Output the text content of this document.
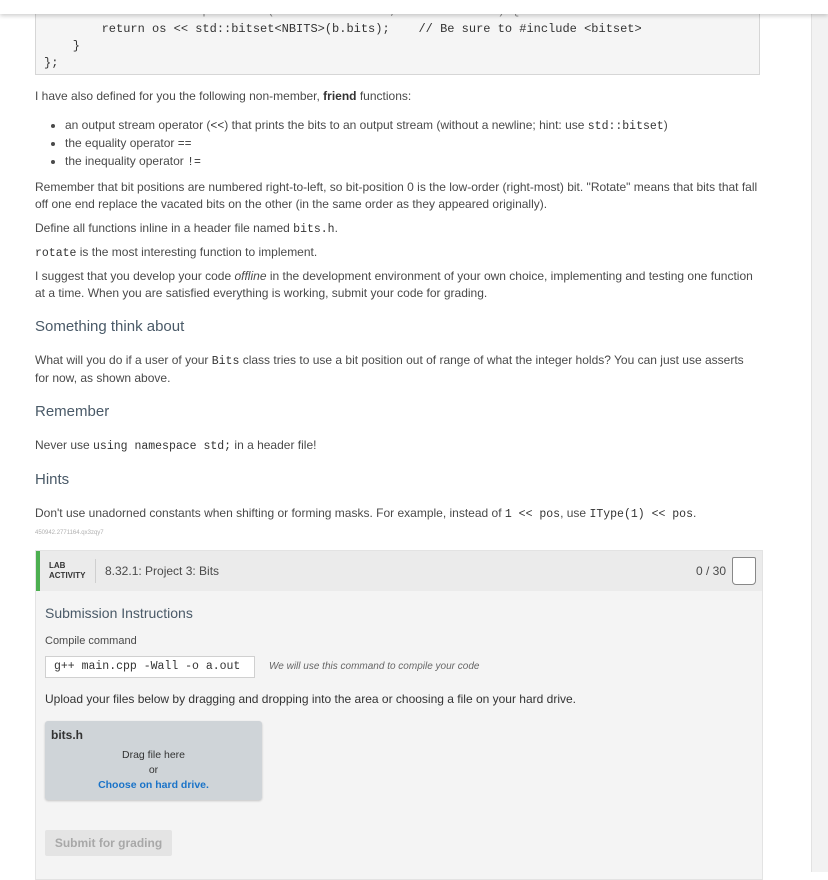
return os << std::bitset<NBITS>(b.bits);    // Be sure to #include <bitset>
}
};

I have also defined for you the following non-member, friend functions:

• an output stream operator (<<) that prints the bits to an output stream (without a newline; hint: use std::bitset)
• the equality operator ==
• the inequality operator !=

Remember that bit positions are numbered right-to-left, so bit-position 0 is the low-order (right-most) bit. "Rotate" means that bits that fall off one end replace the vacated bits on the other (in the same order as they appeared originally).

Define all functions inline in a header file named bits.h.

rotate is the most interesting function to implement.

I suggest that you develop your code offline in the development environment of your own choice, implementing and testing one function at a time. When you are satisfied everything is working, submit your code for grading.

Something think about

What will you do if a user of your Bits class tries to use a bit position out of range of what the integer holds? You can just use asserts for now, as shown above.

Remember

Never use using namespace std; in a header file!

Hints

Don't use unadorned constants when shifting or forming masks. For example, instead of 1 << pos, use IType(1) << pos.

450942.2771164.qx3zqy7
LAB
ACTIVITY 8.32.1: Project 3: Bits	0 / 30
Submission Instructions
Compile command
g++ main.cpp -Wall -o a.out	We will use this command to compile your code
Upload your files below by dragging and dropping into the area or choosing a file on your hard drive.
bits.h
Drag file here
or
Choose on hard drive.
Submit for grading
